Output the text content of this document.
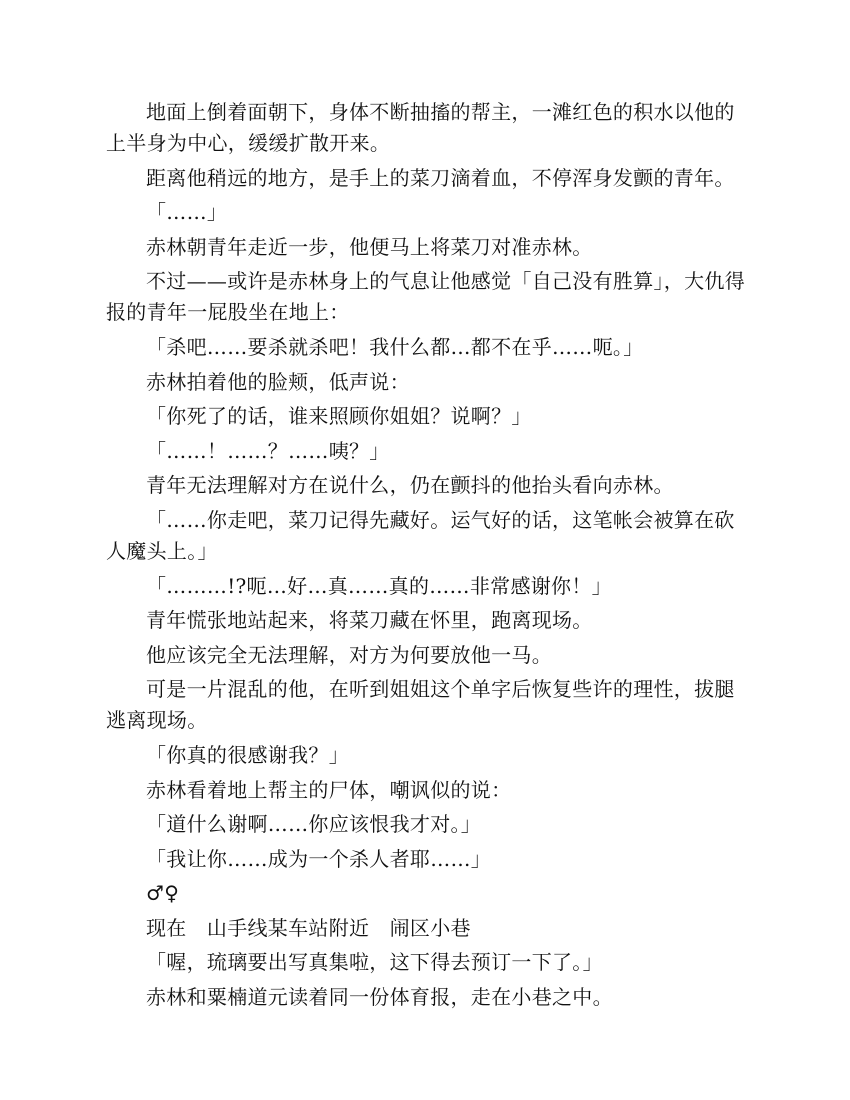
地面上倒着面朝下，身体不断抽搐的帮主，一滩红色的积水以他的上半身为中心，缓缓扩散开来。

距离他稍远的地方，是手上的菜刀滴着血，不停浑身发颤的青年。

「……」

赤林朝青年走近一步，他便马上将菜刀对准赤林。

不过——或许是赤林身上的气息让他感觉「自己没有胜算」，大仇得报的青年一屁股坐在地上：

「杀吧……要杀就杀吧！我什么都…都不在乎……呃。」

赤林拍着他的脸颊，低声说：

「你死了的话，谁来照顾你姐姐？说啊？」

「……！……？……咦？」

青年无法理解对方在说什么，仍在颤抖的他抬头看向赤林。

「……你走吧，菜刀记得先藏好。运气好的话，这笔帐会被算在砍人魔头上。」

「………!?呃…好…真……真的……非常感谢你！」

青年慌张地站起来，将菜刀藏在怀里，跑离现场。

他应该完全无法理解，对方为何要放他一马。

可是一片混乱的他，在听到姐姐这个单字后恢复些许的理性，拔腿逃离现场。

「你真的很感谢我？」

赤林看着地上帮主的尸体，嘲讽似的说：

「道什么谢啊……你应该恨我才对。」

「我让你……成为一个杀人者耶……」

♂♀

现在　山手线某车站附近　闹区小巷

「喔，琉璃要出写真集啦，这下得去预订一下了。」

赤林和粟楠道元读着同一份体育报，走在小巷之中。
